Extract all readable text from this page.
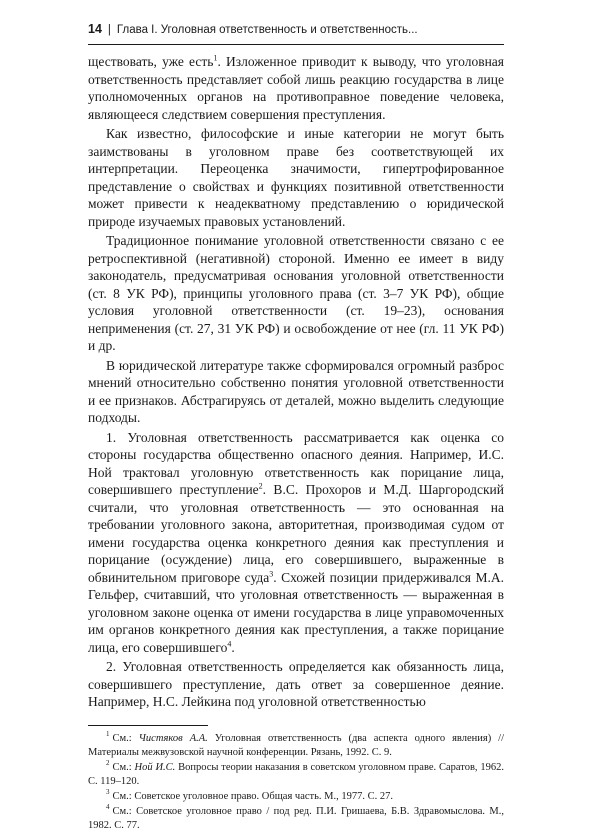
14 | Глава I. Уголовная ответственность и ответственность...

ществовать, уже есть$^1$. Изложенное приводит к выводу, что уголовная ответственность представляет собой лишь реакцию государства в лице уполномоченных органов на противоправное поведение человека, являющееся следствием совершения преступления.

Как известно, философские и иные категории не могут быть заимствованы в уголовном праве без соответствующей их интерпретации. Переоценка значимости, гипертрофированное представление о свойствах и функциях позитивной ответственности может привести к неадекватному представлению о юридической природе изучаемых правовых установлений.

Традиционное понимание уголовной ответственности связано с ее ретроспективной (негативной) стороной. Именно ее имеет в виду законодатель, предусматривая основания уголовной ответственности (ст. 8 УК РФ), принципы уголовного права (ст. 3–7 УК РФ), общие условия уголовной ответственности (ст. 19–23), основания неприменения (ст. 27, 31 УК РФ) и освобождение от нее (гл. 11 УК РФ) и др.

В юридической литературе также сформировался огромный разброс мнений относительно собственно понятия уголовной ответственности и ее признаков. Абстрагируясь от деталей, можно выделить следующие подходы.

1. Уголовная ответственность рассматривается как оценка со стороны государства общественно опасного деяния. Например, И.С. Ной трактовал уголовную ответственность как порицание лица, совершившего преступление$^2$. В.С. Прохоров и М.Д. Шаргородский считали, что уголовная ответственность — это основанная на требовании уголовного закона, авторитетная, производимая судом от имени государства оценка конкретного деяния как преступления и порицание (осуждение) лица, его совершившего, выраженные в обвинительном приговоре суда$^3$. Схожей позиции придерживался М.А. Гельфер, считавший, что уголовная ответственность — выраженная в уголовном законе оценка от имени государства в лице управомоченных им органов конкретного деяния как преступления, а также порицание лица, его совершившего$^4$.

2. Уголовная ответственность определяется как обязанность лица, совершившего преступление, дать ответ за совершенное деяние. Например, Н.С. Лейкина под уголовной ответственностью

$^1$ См.: Чистяков А.А. Уголовная ответственность (два аспекта одного явления) // Материалы межвузовской научной конференции. Рязань, 1992. С. 9.

$^2$ См.: Ной И.С. Вопросы теории наказания в советском уголовном праве. Саратов, 1962. С. 119–120.

$^3$ См.: Советское уголовное право. Общая часть. М., 1977. С. 27.

$^4$ См.: Советское уголовное право / под ред. П.И. Гришаева, Б.В. Здравомыслова. М., 1982. С. 77.
